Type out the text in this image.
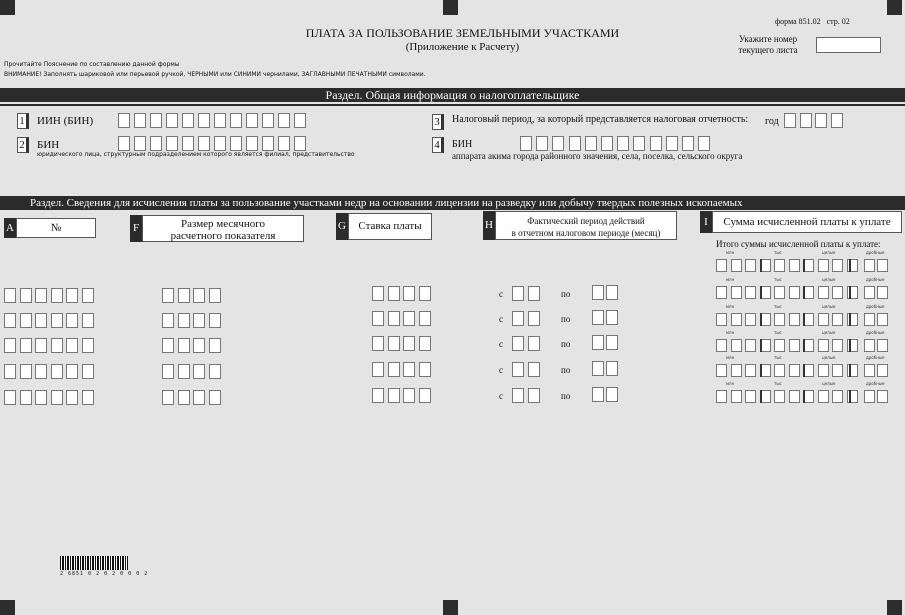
форма 851.02 стр. 02
ПЛАТА ЗА ПОЛЬЗОВАНИЕ ЗЕМЕЛЬНЫМИ УЧАСТКАМИ
(Приложение к Расчету)
Укажите номер
текущего листа
Прочитайте Пояснение по составлению данной формы
ВНИМАНИЕ! Заполнять шариковой или перьевой ручкой, ЧЕРНЫМИ или СИНИМИ чернилами, ЗАГЛАВНЫМИ ПЕЧАТНЫМИ символами.
Раздел. Общая информация о налогоплательщике
1	ИИН (БИН)
2	БИН
юридического лица, структурным подразделением которого является филиал, представительство
3	Налоговый период, за который представляется налоговая отчетность: год
4	БИН
аппарата акима города районного значения, села, поселка, сельского округа
Раздел. Сведения для исчисления платы за пользование участками недр на основании лицензии на разведку или добычу твердых полезных ископаемых
A	№	F	Размер месячного
расчетного показателя
G	Ставка платы	H	Фактический период действий
в отчетном налоговом периоде (месяц)
I	Сумма исчисленной платы к уплате
Итого суммы исчисленной платы к уплате:
с	по
с	по
с	по
с	по
с	по
млн	тыс	целые	дробные
млн	тыс	целые	дробные
млн	тыс	целые	дробные
млн	тыс	целые	дробные
млн	тыс	целые	дробные
млн	тыс	целые	дробные
2 6851 0 2 0 2 0 0 0 2
